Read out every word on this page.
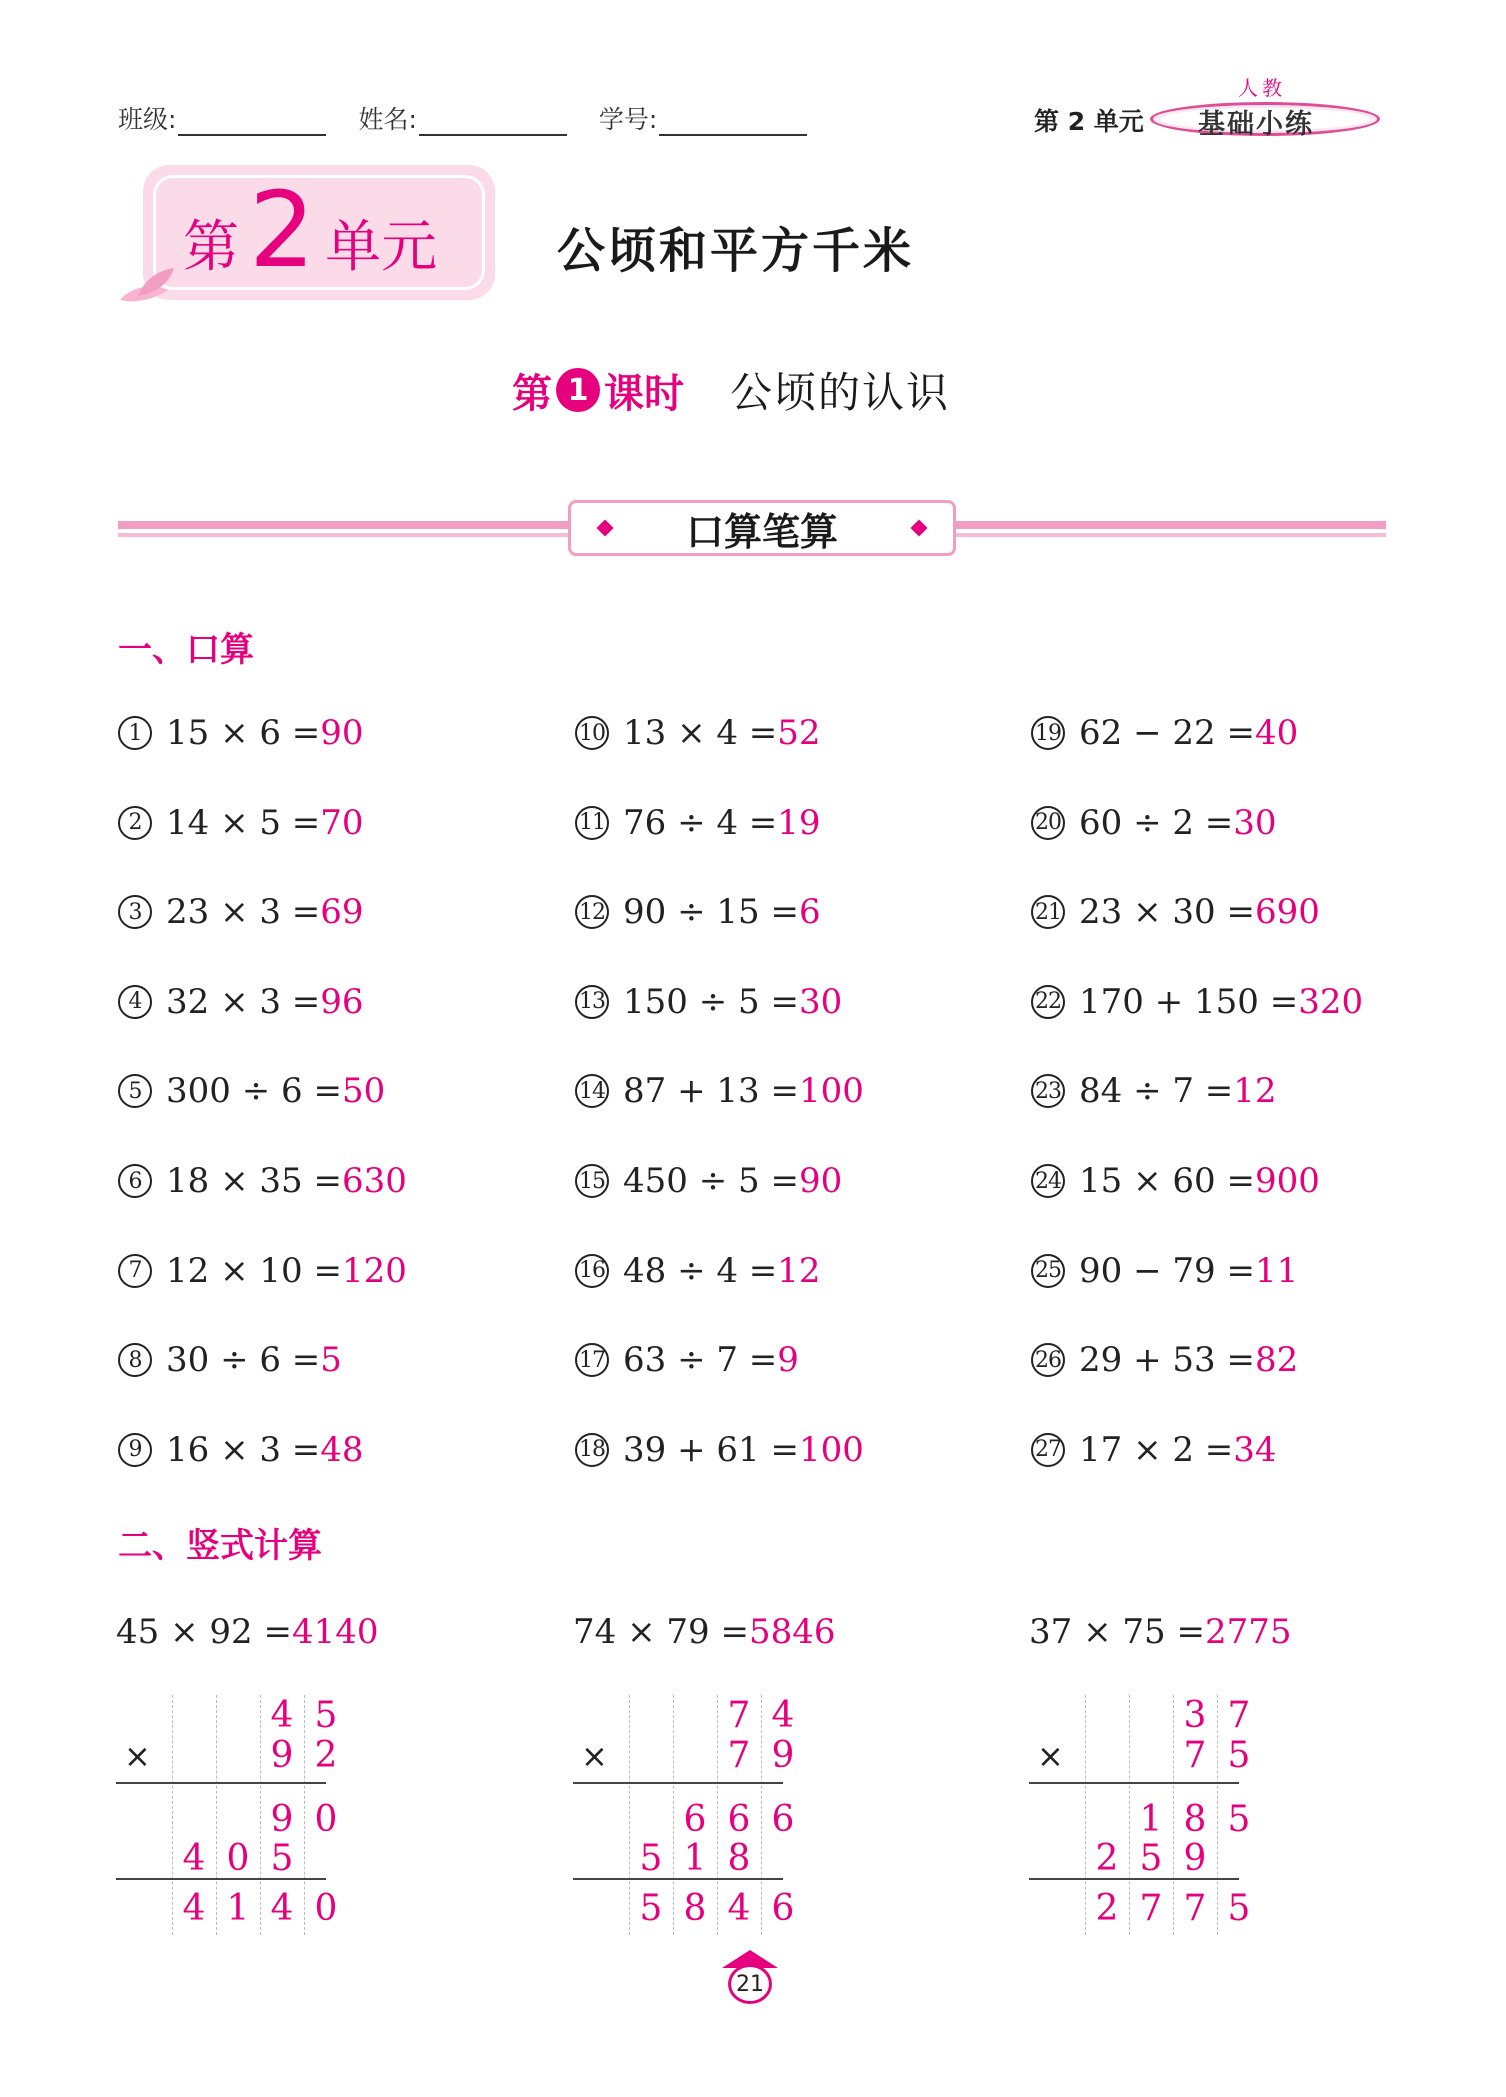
班级:	姓名:	学号:	第 2 单元
人教
基础小练
第 2 单元 公顷和平方千米
第 1 课时 公顷的认识
口算笔算
一、口算
1 15 × 6 = 90
2 14 × 5 = 70
3 23 × 3 = 69
4 32 × 3 = 96
5 300 ÷ 6 = 50
6 18 × 35 = 630
7 12 × 10 = 120
8 30 ÷ 6 = 5
9 16 × 3 = 48
10 13 × 4 = 52
11 76 ÷ 4 = 19
12 90 ÷ 15 = 6
13 150 ÷ 5 = 30
14 87 + 13 = 100
15 450 ÷ 5 = 90
16 48 ÷ 4 = 12
17 63 ÷ 7 = 9
18 39 + 61 = 100
19 62 − 22 = 40
20 60 ÷ 2 = 30
21 23 × 30 = 690
22 170 + 150 = 320
23 84 ÷ 7 = 12
24 15 × 60 = 900
25 90 − 79 = 11
26 29 + 53 = 82
27 17 × 2 = 34
二、竖式计算
45 × 92 =4140
×
4 5
9 2
9 0
4 0 5
4 1 4 0
74 × 79 =5846
×
7 4
7 9
6 6 6
5 1 8
5 8 4 6
37 × 75 =2775
×
3 7
7 5
1 8 5
2 5 9
2 7 7 5
21
